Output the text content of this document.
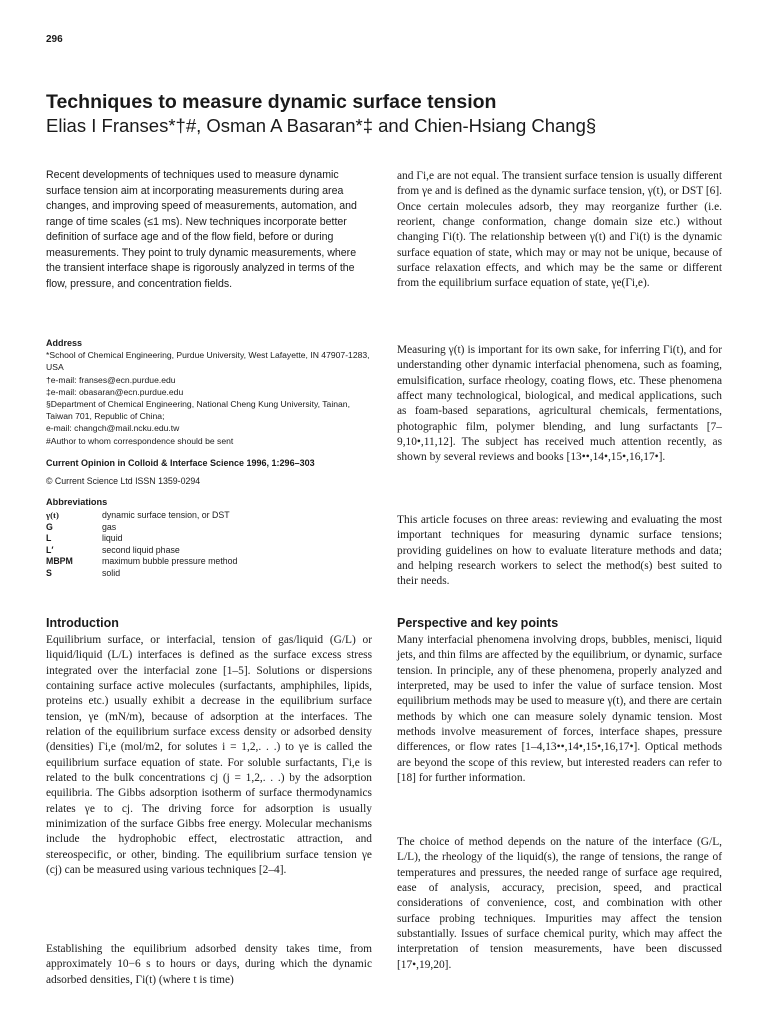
296
Techniques to measure dynamic surface tension
Elias I Franses*†#, Osman A Basaran*‡ and Chien-Hsiang Chang§
Recent developments of techniques used to measure dynamic surface tension aim at incorporating measurements during area changes, and improving speed of measurements, automation, and range of time scales (≤1 ms). New techniques incorporate better definition of surface age and of the flow field, before or during measurements. They point to truly dynamic measurements, where the transient interface shape is rigorously analyzed in terms of the flow, pressure, and concentration fields.
Address
*School of Chemical Engineering, Purdue University, West Lafayette, IN 47907-1283, USA
†e-mail: franses@ecn.purdue.edu
‡e-mail: obasaran@ecn.purdue.edu
§Department of Chemical Engineering, National Cheng Kung University, Tainan, Taiwan 701, Republic of China;
e-mail: changch@mail.ncku.edu.tw
#Author to whom correspondence should be sent
Current Opinion in Colloid & Interface Science 1996, 1:296–303
© Current Science Ltd ISSN 1359-0294
Abbreviations
γ(t)	dynamic surface tension, or DST
G	gas
L	liquid
L′	second liquid phase
MBPM	maximum bubble pressure method
S	solid
Introduction
Equilibrium surface, or interfacial, tension of gas/liquid (G/L) or liquid/liquid (L/L) interfaces is defined as the surface excess stress integrated over the interfacial zone [1–5]. Solutions or dispersions containing surface active molecules (surfactants, amphiphiles, lipids, proteins etc.) usually exhibit a decrease in the equilibrium surface tension, γe (mN/m), because of adsorption at the interfaces. The relation of the equilibrium surface excess density or adsorbed density (densities) Γi,e (mol/m2, for solutes i = 1,2,. . .) to γe is called the equilibrium surface equation of state. For soluble surfactants, Γi,e is related to the bulk concentrations cj (j = 1,2,. . .) by the adsorption equilibria. The Gibbs adsorption isotherm of surface thermodynamics relates γe to cj. The driving force for adsorption is usually minimization of the surface Gibbs free energy. Molecular mechanisms include the hydrophobic effect, electrostatic attraction, and stereospecific, or other, binding. The equilibrium surface tension γe (cj) can be measured using various techniques [2–4].
Establishing the equilibrium adsorbed density takes time, from approximately 10−6 s to hours or days, during which the dynamic adsorbed densities, Γi(t) (where t is time)
and Γi,e are not equal. The transient surface tension is usually different from γe and is defined as the dynamic surface tension, γ(t), or DST [6]. Once certain molecules adsorb, they may reorganize further (i.e. reorient, change conformation, change domain size etc.) without changing Γi(t). The relationship between γ(t) and Γi(t) is the dynamic surface equation of state, which may or may not be unique, because of surface relaxation effects, and which may be the same or different from the equilibrium surface equation of state, γe(Γi,e).
Measuring γ(t) is important for its own sake, for inferring Γi(t), and for understanding other dynamic interfacial phenomena, such as foaming, emulsification, surface rheology, coating flows, etc. These phenomena affect many technological, biological, and medical applications, such as foam-based separations, agricultural chemicals, fermentations, photographic film, polymer blending, and lung surfactants [7–9,10•,11,12]. The subject has received much attention recently, as shown by several reviews and books [13••,14•,15•,16,17•].
This article focuses on three areas: reviewing and evaluating the most important techniques for measuring dynamic surface tensions; providing guidelines on how to evaluate literature methods and data; and helping research workers to select the method(s) best suited to their needs.
Perspective and key points
Many interfacial phenomena involving drops, bubbles, menisci, liquid jets, and thin films are affected by the equilibrium, or dynamic, surface tension. In principle, any of these phenomena, properly analyzed and interpreted, may be used to infer the value of surface tension. Most equilibrium methods may be used to measure γ(t), and there are certain methods by which one can measure solely dynamic tension. Most methods involve measurement of forces, interface shapes, pressure differences, or flow rates [1–4,13••,14•,15•,16,17•]. Optical methods are beyond the scope of this review, but interested readers can refer to [18] for further information.
The choice of method depends on the nature of the interface (G/L, L/L), the rheology of the liquid(s), the range of tensions, the range of temperatures and pressures, the needed range of surface age required, ease of analysis, accuracy, precision, speed, and practical considerations of convenience, cost, and combination with other surface probing techniques. Impurities may affect the tension substantially. Issues of surface chemical purity, which may affect the interpretation of tension measurements, have been discussed [17•,19,20].
